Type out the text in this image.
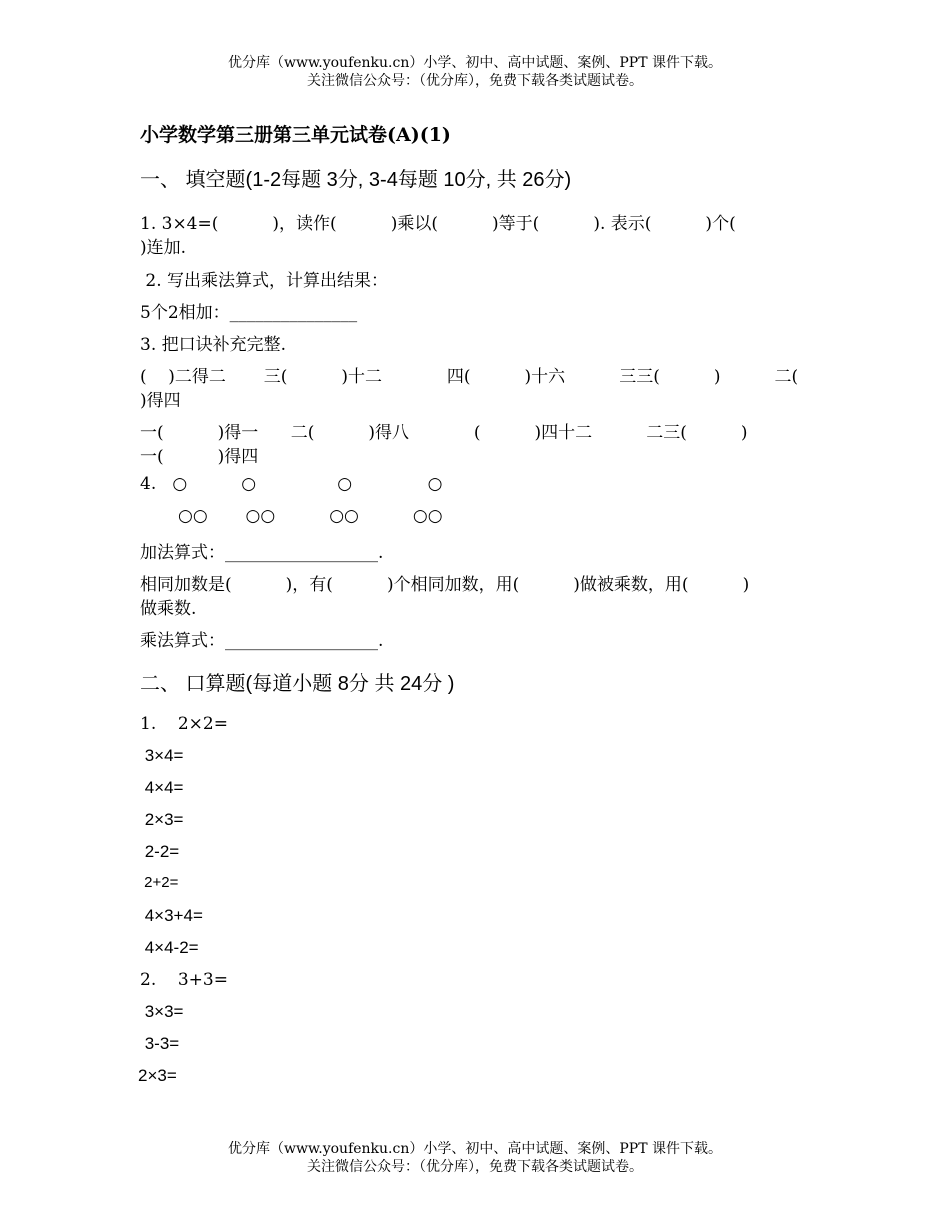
优分库（www.youfenku.cn）小学、初中、高中试题、案例、PPT 课件下载。
关注微信公众号：（优分库），免费下载各类试题试卷。
小学数学第三册第三单元试卷(A)(1)
一、 填空题(1-2每题 3分, 3-4每题 10分, 共 26分)
1. 3×4=(          )，读作(          )乘以(          )等于(          ). 表示(          )个(
)连加.
2. 写出乘法算式，计算出结果：
5个2相加：_______________
3. 把口诀补充完整.
(    )二得二       三(          )十二            四(          )十六          三三(          )          二(
)得四
一(          )得一      二(          )得八            (          )四十二          二三(          )
一(          )得四
4.   ○          ○               ○              ○
○○       ○○          ○○          ○○
加法算式：__________________.
相同加数是(          )，有(          )个相同加数，用(          )做被乘数，用(          )
做乘数.
乘法算式：__________________.
二、 口算题(每道小题 8分 共 24分 )
1.    2×2=
3×4=
4×4=
2×3=
2-2=
2+2=
4×3+4=
4×4-2=
2.    3+3=
3×3=
3-3=
2×3=
优分库（www.youfenku.cn）小学、初中、高中试题、案例、PPT 课件下载。
关注微信公众号：（优分库），免费下载各类试题试卷。
